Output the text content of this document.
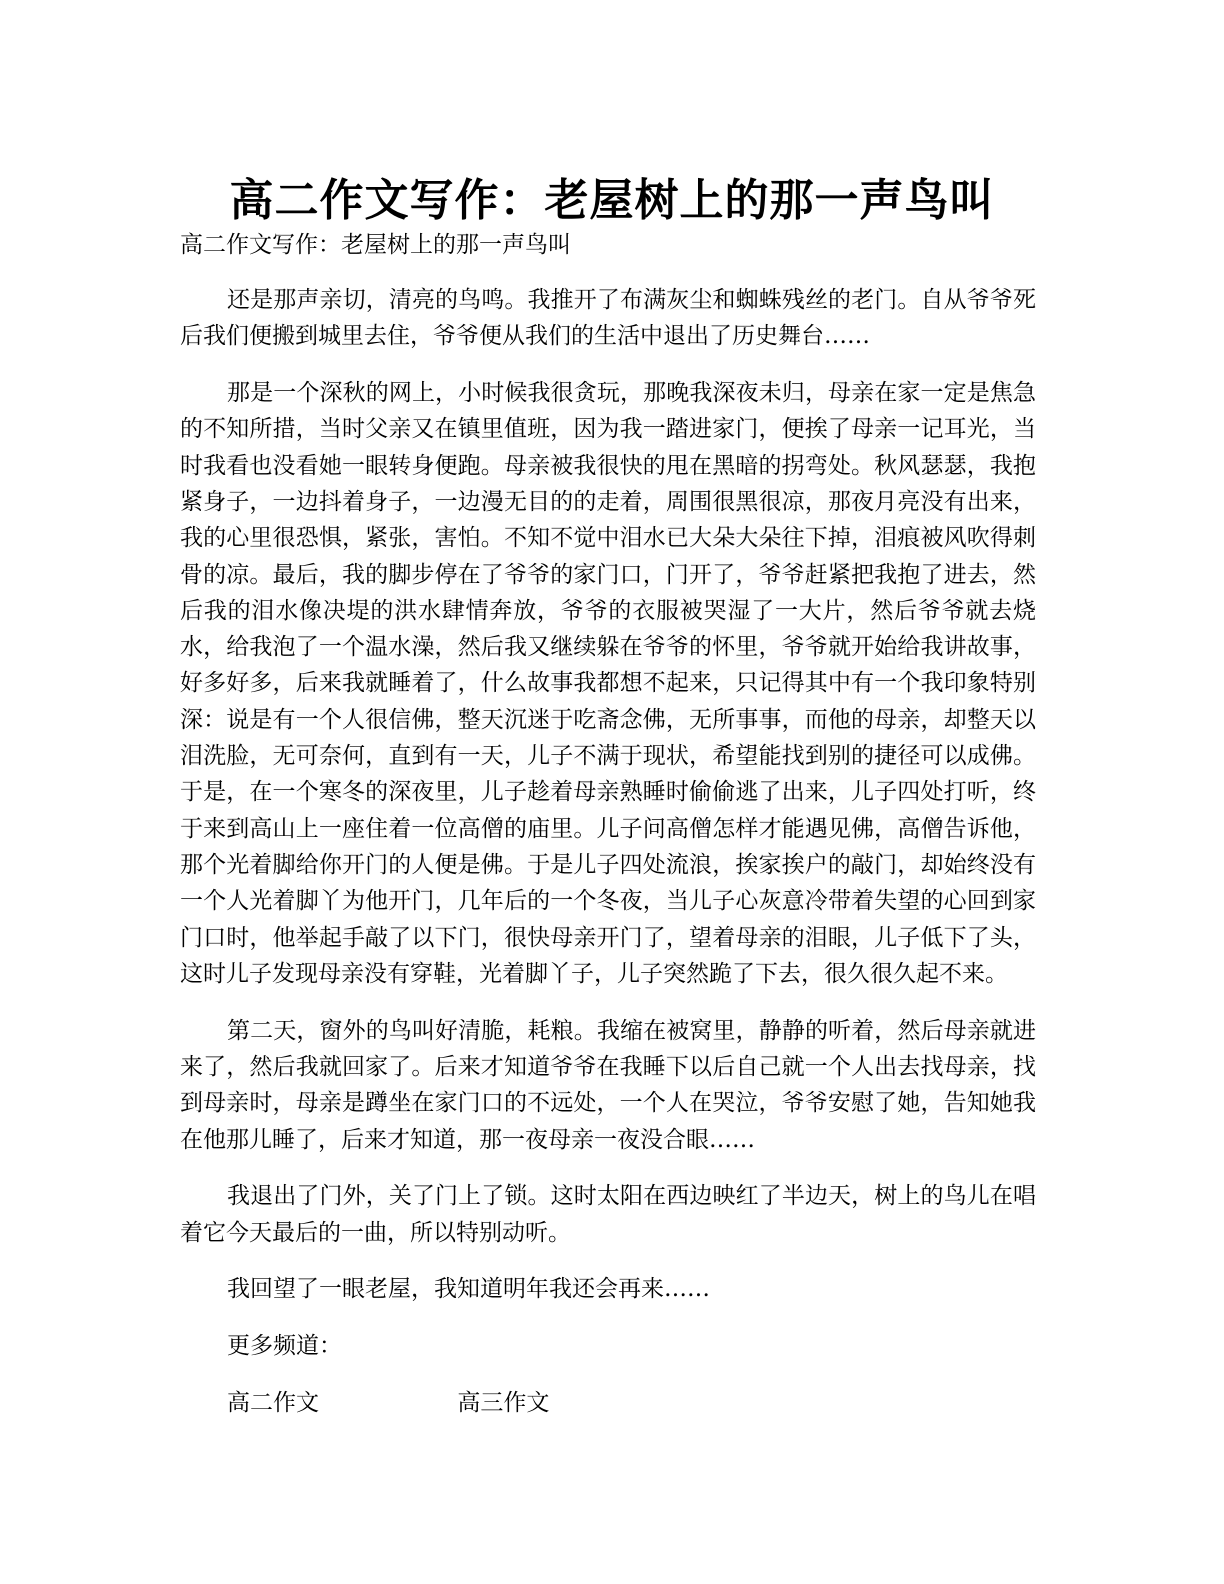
高二作文写作：老屋树上的那一声鸟叫
高二作文写作：老屋树上的那一声鸟叫

还是那声亲切，清亮的鸟鸣。我推开了布满灰尘和蜘蛛残丝的老门。自从爷爷死后我们便搬到城里去住，爷爷便从我们的生活中退出了历史舞台……

那是一个深秋的网上，小时候我很贪玩，那晚我深夜未归，母亲在家一定是焦急的不知所措，当时父亲又在镇里值班，因为我一踏进家门，便挨了母亲一记耳光，当时我看也没看她一眼转身便跑。母亲被我很快的甩在黑暗的拐弯处。秋风瑟瑟，我抱紧身子，一边抖着身子，一边漫无目的的走着，周围很黑很凉，那夜月亮没有出来，我的心里很恐惧，紧张，害怕。不知不觉中泪水已大朵大朵往下掉，泪痕被风吹得刺骨的凉。最后，我的脚步停在了爷爷的家门口，门开了，爷爷赶紧把我抱了进去，然后我的泪水像决堤的洪水肆情奔放，爷爷的衣服被哭湿了一大片，然后爷爷就去烧水，给我泡了一个温水澡，然后我又继续躲在爷爷的怀里，爷爷就开始给我讲故事，好多好多，后来我就睡着了，什么故事我都想不起来，只记得其中有一个我印象特别深：说是有一个人很信佛，整天沉迷于吃斋念佛，无所事事，而他的母亲，却整天以泪洗脸，无可奈何，直到有一天，儿子不满于现状，希望能找到别的捷径可以成佛。于是，在一个寒冬的深夜里，儿子趁着母亲熟睡时偷偷逃了出来，儿子四处打听，终于来到高山上一座住着一位高僧的庙里。儿子问高僧怎样才能遇见佛，高僧告诉他，那个光着脚给你开门的人便是佛。于是儿子四处流浪，挨家挨户的敲门，却始终没有一个人光着脚丫为他开门，几年后的一个冬夜，当儿子心灰意冷带着失望的心回到家门口时，他举起手敲了以下门，很快母亲开门了，望着母亲的泪眼，儿子低下了头，这时儿子发现母亲没有穿鞋，光着脚丫子，儿子突然跪了下去，很久很久起不来。

第二天，窗外的鸟叫好清脆，耗粮。我缩在被窝里，静静的听着，然后母亲就进来了，然后我就回家了。后来才知道爷爷在我睡下以后自己就一个人出去找母亲，找到母亲时，母亲是蹲坐在家门口的不远处，一个人在哭泣，爷爷安慰了她，告知她我在他那儿睡了，后来才知道，那一夜母亲一夜没合眼……

我退出了门外，关了门上了锁。这时太阳在西边映红了半边天，树上的鸟儿在唱着它今天最后的一曲，所以特别动听。

我回望了一眼老屋，我知道明年我还会再来……

更多频道：

高二作文	高三作文
